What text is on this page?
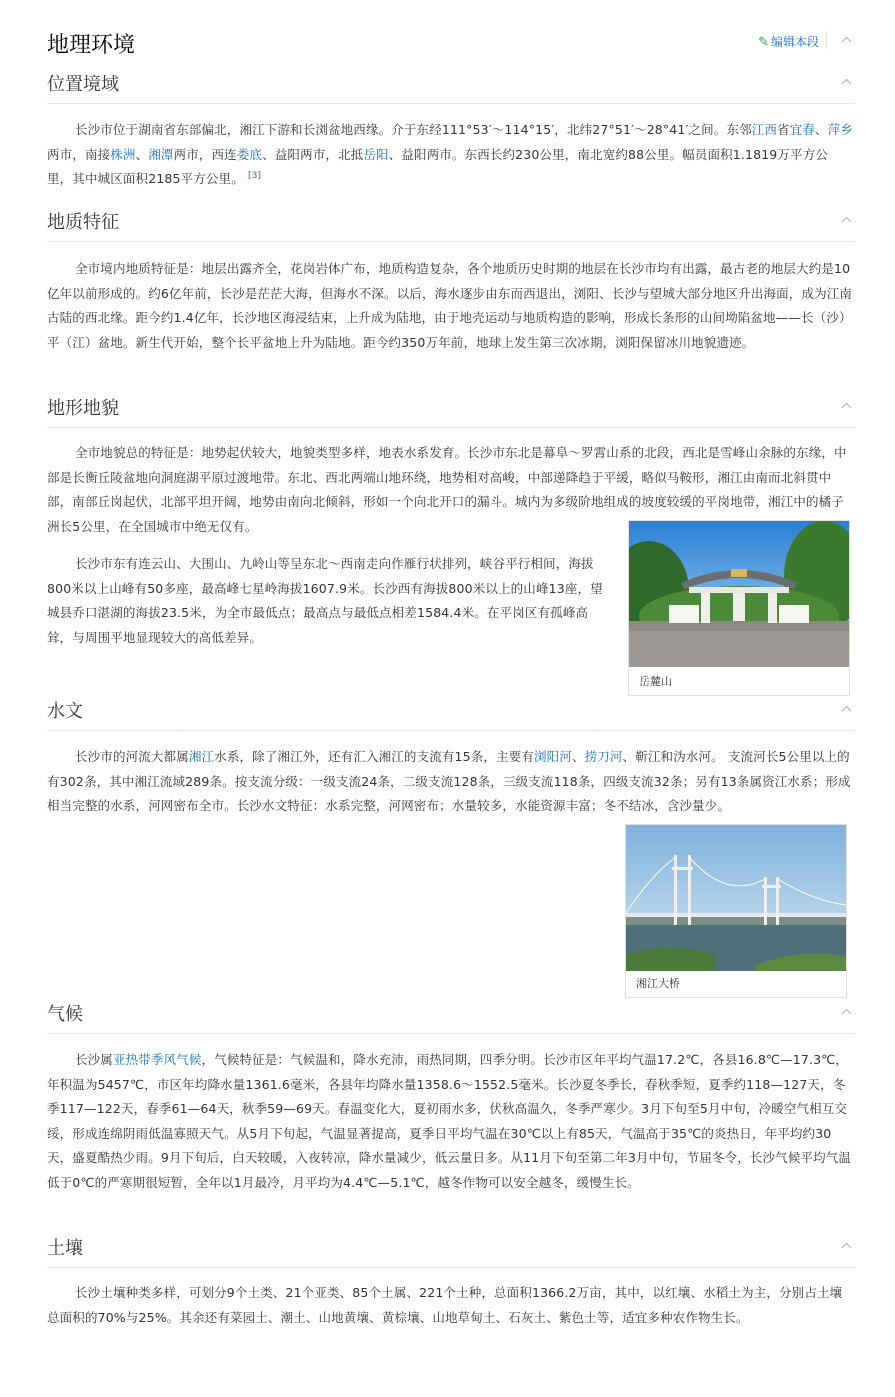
地理环境	✎ 编辑本段
位置境域

长沙市位于湖南省东部偏北，湘江下游和长浏盆地西缘。介于东经111°53′～114°15′，北纬27°51′～28°41′之间。东邻江西省宜春、萍乡两市，南接株洲、湘潭两市，西连娄底、益阳两市，北抵岳阳、益阳两市。东西长约230公里，南北宽约88公里。幅员面积1.1819万平方公里，其中城区面积2185平方公里。 [3]

地质特征

全市境内地质特征是：地层出露齐全，花岗岩体广布，地质构造复杂，各个地质历史时期的地层在长沙市均有出露，最古老的地层大约是10亿年以前形成的。约6亿年前，长沙是茫茫大海，但海水不深。以后，海水逐步由东而西退出，浏阳、长沙与望城大部分地区升出海面，成为江南古陆的西北缘。距今约1.4亿年，长沙地区海浸结束，上升成为陆地，由于地壳运动与地质构造的影响，形成长条形的山间坳陷盆地——长（沙）平（江）盆地。新生代开始，整个长平盆地上升为陆地。距今约350万年前，地球上发生第三次冰期，浏阳保留冰川地貌遗迹。

地形地貌

全市地貌总的特征是：地势起伏较大，地貌类型多样，地表水系发育。长沙市东北是幕阜～罗霄山系的北段，西北是雪峰山余脉的东缘，中部是长衡丘陵盆地向洞庭湖平原过渡地带。东北、西北两端山地环绕，地势相对高峻，中部递降趋于平缓，略似马鞍形，湘江由南而北斜贯中部，南部丘岗起伏，北部平坦开阔，地势由南向北倾斜，形如一个向北开口的漏斗。城内为多级阶地组成的坡度较缓的平岗地带，湘江中的橘子洲长5公里，在全国城市中绝无仅有。

长沙市东有连云山、大围山、九岭山等呈东北～西南走向作雁行状排列，峡谷平行相间，海拔800米以上山峰有50多座，最高峰七星岭海拔1607.9米。长沙西有海拔800米以上的山峰13座，望城县乔口湛湖的海拔23.5米，为全市最低点；最高点与最低点相差1584.4米。在平岗区有孤峰高耸，与周围平地显现较大的高低差异。

岳麓山
水文

长沙市的河流大都属湘江水系，除了湘江外，还有汇入湘江的支流有15条，主要有浏阳河、捞刀河、靳江和沩水河。 支流河长5公里以上的有302条，其中湘江流域289条。按支流分级：一级支流24条，二级支流128条，三级支流118条，四级支流32条；另有13条属资江水系；形成相当完整的水系，河网密布全市。长沙水文特征：水系完整，河网密布；水量较多，水能资源丰富；冬不结冰，含沙量少。

湘江大桥
气候

长沙属亚热带季风气候，气候特征是：气候温和，降水充沛，雨热同期，四季分明。长沙市区年平均气温17.2℃，各县16.8℃—17.3℃，年积温为5457℃，市区年均降水量1361.6毫米，各县年均降水量1358.6～1552.5毫米。长沙夏冬季长，春秋季短，夏季约118—127天，冬季117—122天，春季61—64天，秋季59—69天。春温变化大，夏初雨水多，伏秋高温久，冬季严寒少。3月下旬至5月中旬，冷暖空气相互交绥，形成连绵阴雨低温寡照天气。从5月下旬起，气温显著提高，夏季日平均气温在30℃以上有85天，气温高于35℃的炎热日，年平均约30天，盛夏酷热少雨。9月下旬后，白天较暖，入夜转凉，降水量减少，低云量日多。从11月下旬至第二年3月中旬，节届冬令，长沙气候平均气温低于0℃的严寒期很短暂，全年以1月最冷，月平均为4.4℃—5.1℃，越冬作物可以安全越冬，缓慢生长。

土壤

长沙土壤种类多样，可划分9个土类、21个亚类、85个土属、221个土种，总面积1366.2万亩，其中，以红壤、水稻土为主，分别占土壤总面积的70%与25%。其余还有菜园土、潮土、山地黄壤、黄棕壤、山地草甸土、石灰土、紫色土等，适宜多种农作物生长。
